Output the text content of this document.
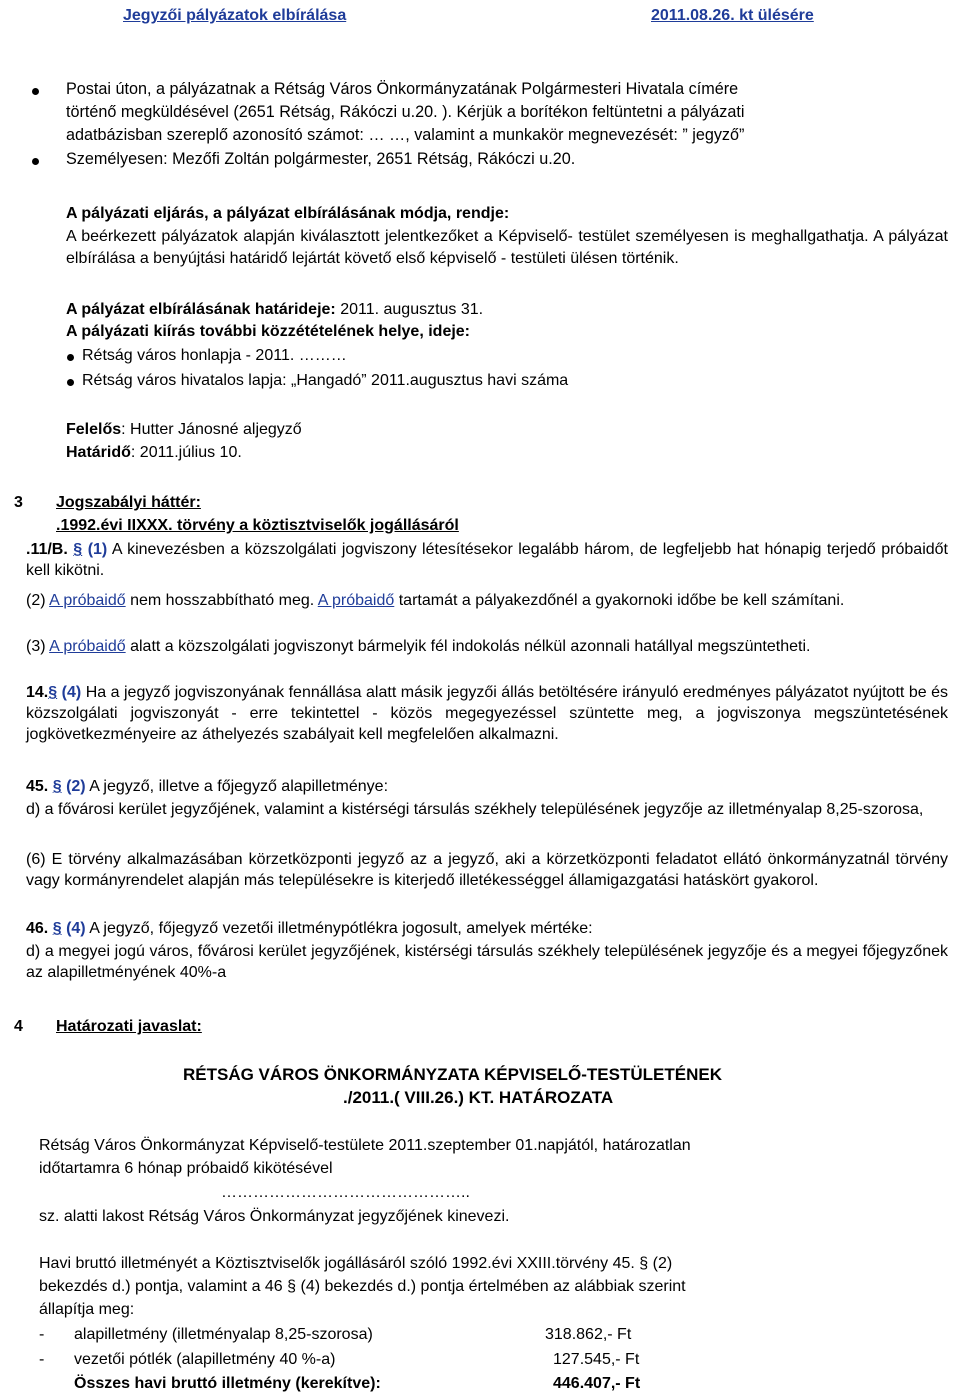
Jegyzői pályázatok elbírálása	2011.08.26. kt ülésére
Postai úton, a pályázatnak a Rétság Város Önkormányzatának Polgármesteri Hivatala címére
történő megküldésével (2651 Rétság, Rákóczi u.20. ). Kérjük a borítékon feltüntetni a pályázati
adatbázisban szereplő azonosító számot: … …, valamint a munkakör megnevezését: ” jegyző”
Személyesen: Mezőfi Zoltán polgármester, 2651 Rétság, Rákóczi u.20.
A pályázati eljárás, a pályázat elbírálásának módja, rendje:
A beérkezett pályázatok alapján kiválasztott jelentkezőket a Képviselő- testület személyesen is meghallgathatja. A pályázat elbírálása a benyújtási határidő lejártát követő első képviselő - testületi ülésen történik.
A pályázat elbírálásának határideje: 2011. augusztus 31.
A pályázati kiírás további közzétételének helye, ideje:
Rétság város honlapja - 2011. ………
Rétság város hivatalos lapja: „Hangadó” 2011.augusztus havi száma
Felelős: Hutter Jánosné aljegyző
Határidő: 2011.július 10.
3 Jogszabályi háttér:
.1992.évi IIXXX. törvény a köztisztviselők jogállásáról
.11/B. § (1) A kinevezésben a közszolgálati jogviszony létesítésekor legalább három, de legfeljebb hat hónapig terjedő próbaidőt kell kikötni.
(2) A próbaidő nem hosszabbítható meg. A próbaidő tartamát a pályakezdőnél a gyakornoki időbe be kell számítani.
(3) A próbaidő alatt a közszolgálati jogviszonyt bármelyik fél indokolás nélkül azonnali hatállyal megszüntetheti.
14.§ (4) Ha a jegyző jogviszonyának fennállása alatt másik jegyzői állás betöltésére irányuló eredményes pályázatot nyújtott be és közszolgálati jogviszonyát - erre tekintettel - közös megegyezéssel szüntette meg, a jogviszonya megszüntetésének jogkövetkezményeire az áthelyezés szabályait kell megfelelően alkalmazni.
45. § (2) A jegyző, illetve a főjegyző alapilletménye:
d) a fővárosi kerület jegyzőjének, valamint a kistérségi társulás székhely településének jegyzője az illetményalap 8,25-szorosa,
(6) E törvény alkalmazásában körzetközponti jegyző az a jegyző, aki a körzetközponti feladatot ellátó önkormányzatnál törvény vagy kormányrendelet alapján más településekre is kiterjedő illetékességgel államigazgatási hatáskört gyakorol.
46. § (4) A jegyző, főjegyző vezetői illetménypótlékra jogosult, amelyek mértéke:
d) a megyei jogú város, fővárosi kerület jegyzőjének, kistérségi társulás székhely településének jegyzője és a megyei főjegyzőnek az alapilletményének 40%-a
4 Határozati javaslat:
RÉTSÁG VÁROS ÖNKORMÁNYZATA KÉPVISELŐ-TESTÜLETÉNEK
./2011.( VIII.26.) KT. HATÁROZATA
Rétság Város Önkormányzat Képviselő-testülete 2011.szeptember 01.napjától, határozatlan
időtartamra 6 hónap próbaidő kikötésével
………………………………………..
sz. alatti lakost Rétság Város Önkormányzat jegyzőjének kinevezi.
Havi bruttó illetményét a Köztisztviselők jogállásáról szóló 1992.évi XXIII.törvény 45. § (2)
bekezdés d.) pontja, valamint a 46 § (4) bekezdés d.) pontja értelmében az alábbiak szerint
állapítja meg:
- alapilletmény (illetményalap 8,25-szorosa)	318.862,- Ft
- vezetői pótlék (alapilletmény 40 %-a)	127.545,- Ft
Összes havi bruttó illetmény (kerekítve):	446.407,- Ft
